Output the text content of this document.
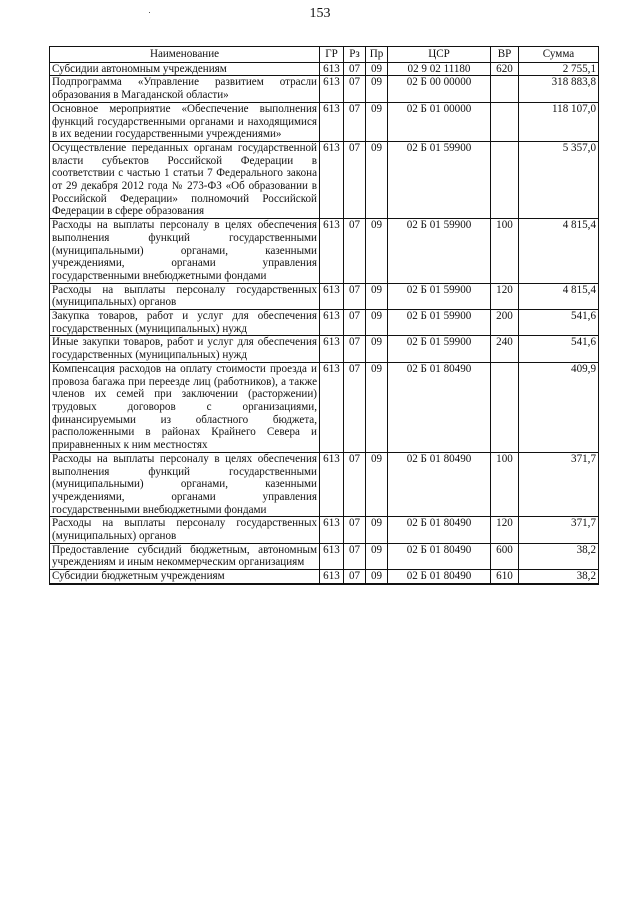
153
Наименование	ГР	Рз	Пр	ЦСР	ВР	Сумма
Субсидии автономным учреждениям	613	07	09	02 9 02 11180	620	2 755,1
Подпрограмма «Управление развитием отрасли образования в Магаданской области»	613	07	09	02 Б 00 00000		318 883,8
Основное мероприятие «Обеспечение выполнения функций государственными органами и находящимися в их ведении государственными учреждениями»	613	07	09	02 Б 01 00000		118 107,0
Осуществление переданных органам государственной власти субъектов Российской Федерации в соответствии с частью 1 статьи 7 Федерального закона от 29 декабря 2012 года № 273-ФЗ «Об образовании в Российской Федерации» полномочий Российской Федерации в сфере образования	613	07	09	02 Б 01 59900		5 357,0
Расходы на выплаты персоналу в целях обеспечения выполнения функций государственными (муниципальными) органами, казенными учреждениями, органами управления государственными внебюджетными фондами	613	07	09	02 Б 01 59900	100	4 815,4
Расходы на выплаты персоналу государственных (муниципальных) органов	613	07	09	02 Б 01 59900	120	4 815,4
Закупка товаров, работ и услуг для обеспечения государственных (муниципальных) нужд	613	07	09	02 Б 01 59900	200	541,6
Иные закупки товаров, работ и услуг для обеспечения государственных (муниципальных) нужд	613	07	09	02 Б 01 59900	240	541,6
Компенсация расходов на оплату стоимости проезда и провоза багажа при переезде лиц (работников), а также членов их семей при заключении (расторжении) трудовых договоров с организациями, финансируемыми из областного бюджета, расположенными в районах Крайнего Севера и приравненных к ним местностях	613	07	09	02 Б 01 80490		409,9
Расходы на выплаты персоналу в целях обеспечения выполнения функций государственными (муниципальными) органами, казенными учреждениями, органами управления государственными внебюджетными фондами	613	07	09	02 Б 01 80490	100	371,7
Расходы на выплаты персоналу государственных (муниципальных) органов	613	07	09	02 Б 01 80490	120	371,7
Предоставление субсидий бюджетным, автономным учреждениям и иным некоммерческим организациям	613	07	09	02 Б 01 80490	600	38,2
Субсидии бюджетным учреждениям	613	07	09	02 Б 01 80490	610	38,2
